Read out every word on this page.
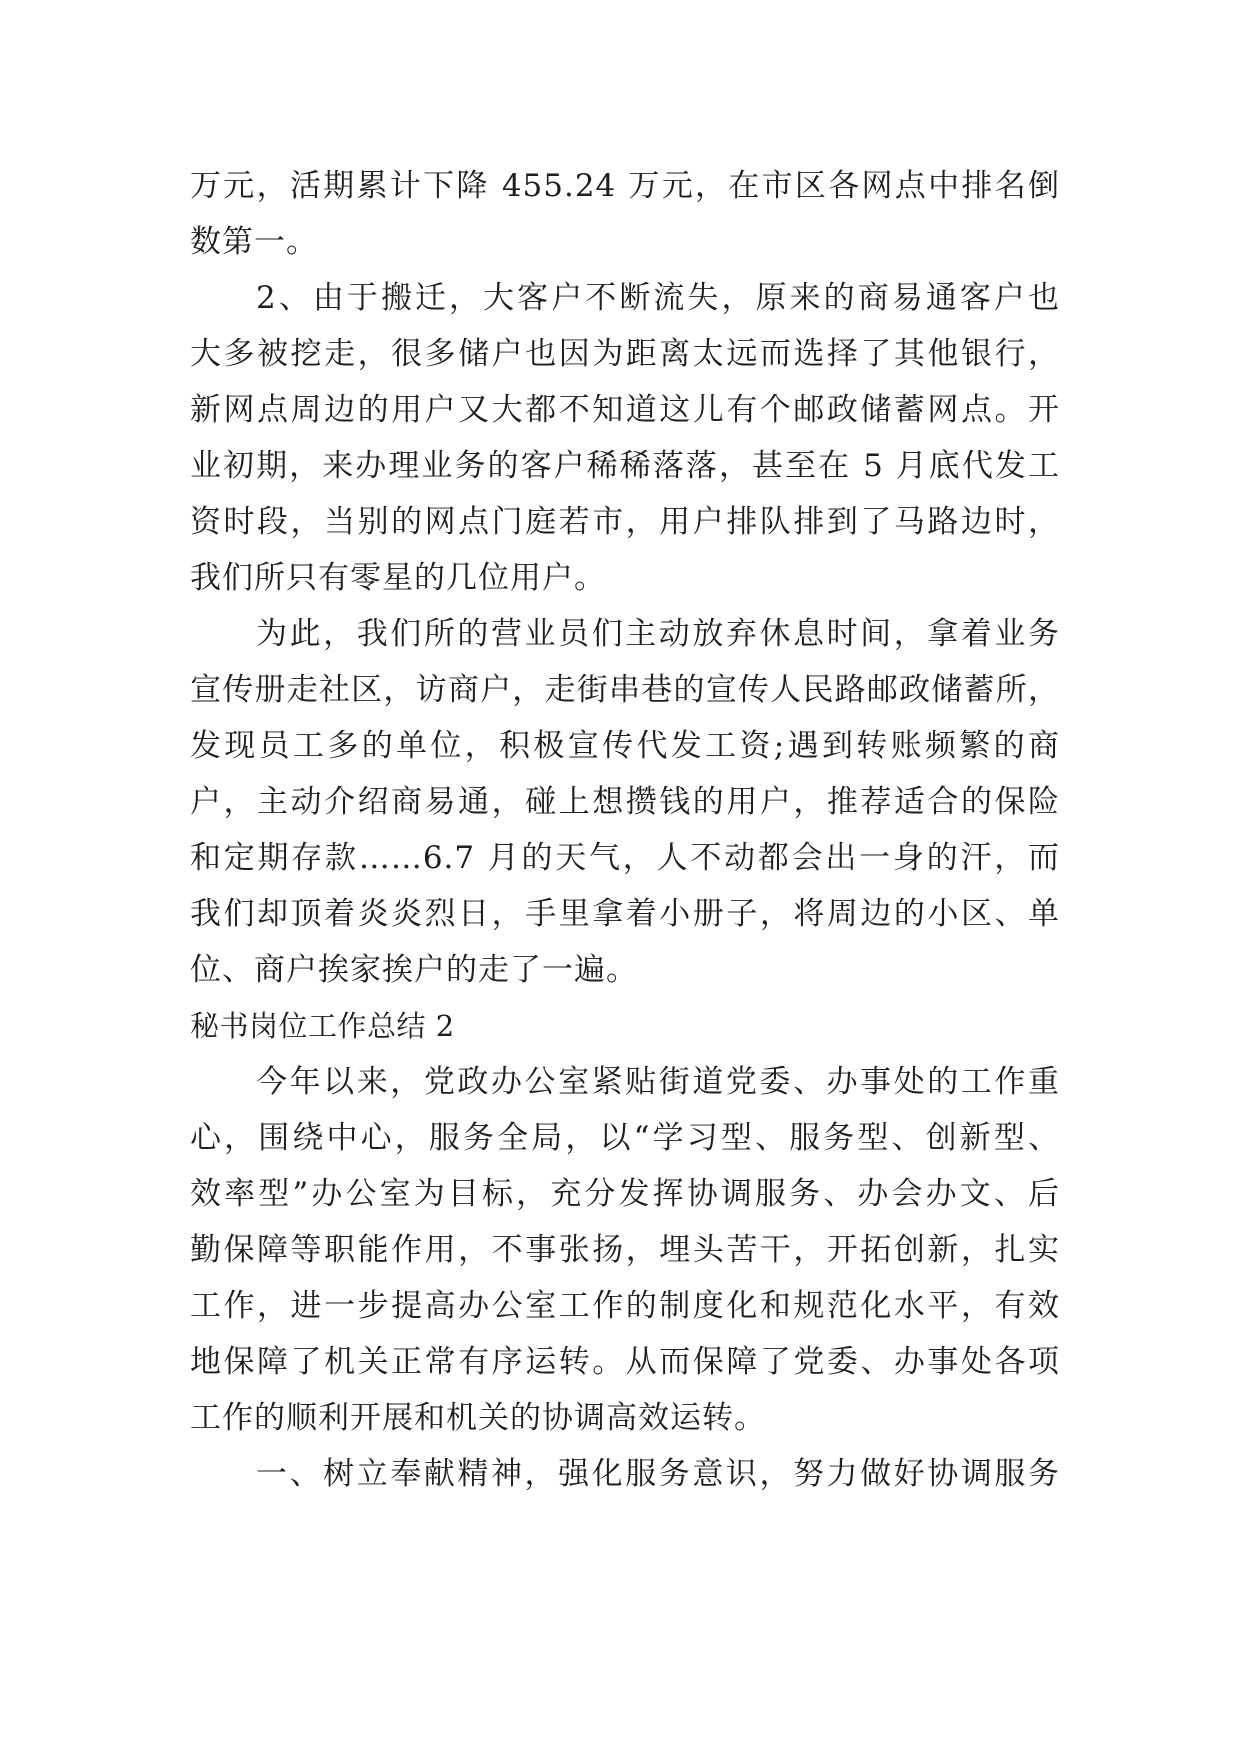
万元，活期累计下降 455.24 万元，在市区各网点中排名倒
数第一。
2、由于搬迁，大客户不断流失，原来的商易通客户也
大多被挖走，很多储户也因为距离太远而选择了其他银行，
新网点周边的用户又大都不知道这儿有个邮政储蓄网点。开
业初期，来办理业务的客户稀稀落落，甚至在 5 月底代发工
资时段，当别的网点门庭若市，用户排队排到了马路边时，
我们所只有零星的几位用户。
为此，我们所的营业员们主动放弃休息时间，拿着业务
宣传册走社区，访商户，走街串巷的宣传人民路邮政储蓄所，
发现员工多的单位，积极宣传代发工资;遇到转账频繁的商
户，主动介绍商易通，碰上想攒钱的用户，推荐适合的保险
和定期存款……6.7 月的天气，人不动都会出一身的汗，而
我们却顶着炎炎烈日，手里拿着小册子，将周边的小区、单
位、商户挨家挨户的走了一遍。
秘书岗位工作总结 2
今年以来，党政办公室紧贴街道党委、办事处的工作重
心，围绕中心，服务全局，以“学习型、服务型、创新型、
效率型”办公室为目标，充分发挥协调服务、办会办文、后
勤保障等职能作用，不事张扬，埋头苦干，开拓创新，扎实
工作，进一步提高办公室工作的制度化和规范化水平，有效
地保障了机关正常有序运转。从而保障了党委、办事处各项
工作的顺利开展和机关的协调高效运转。
一、树立奉献精神，强化服务意识，努力做好协调服务
